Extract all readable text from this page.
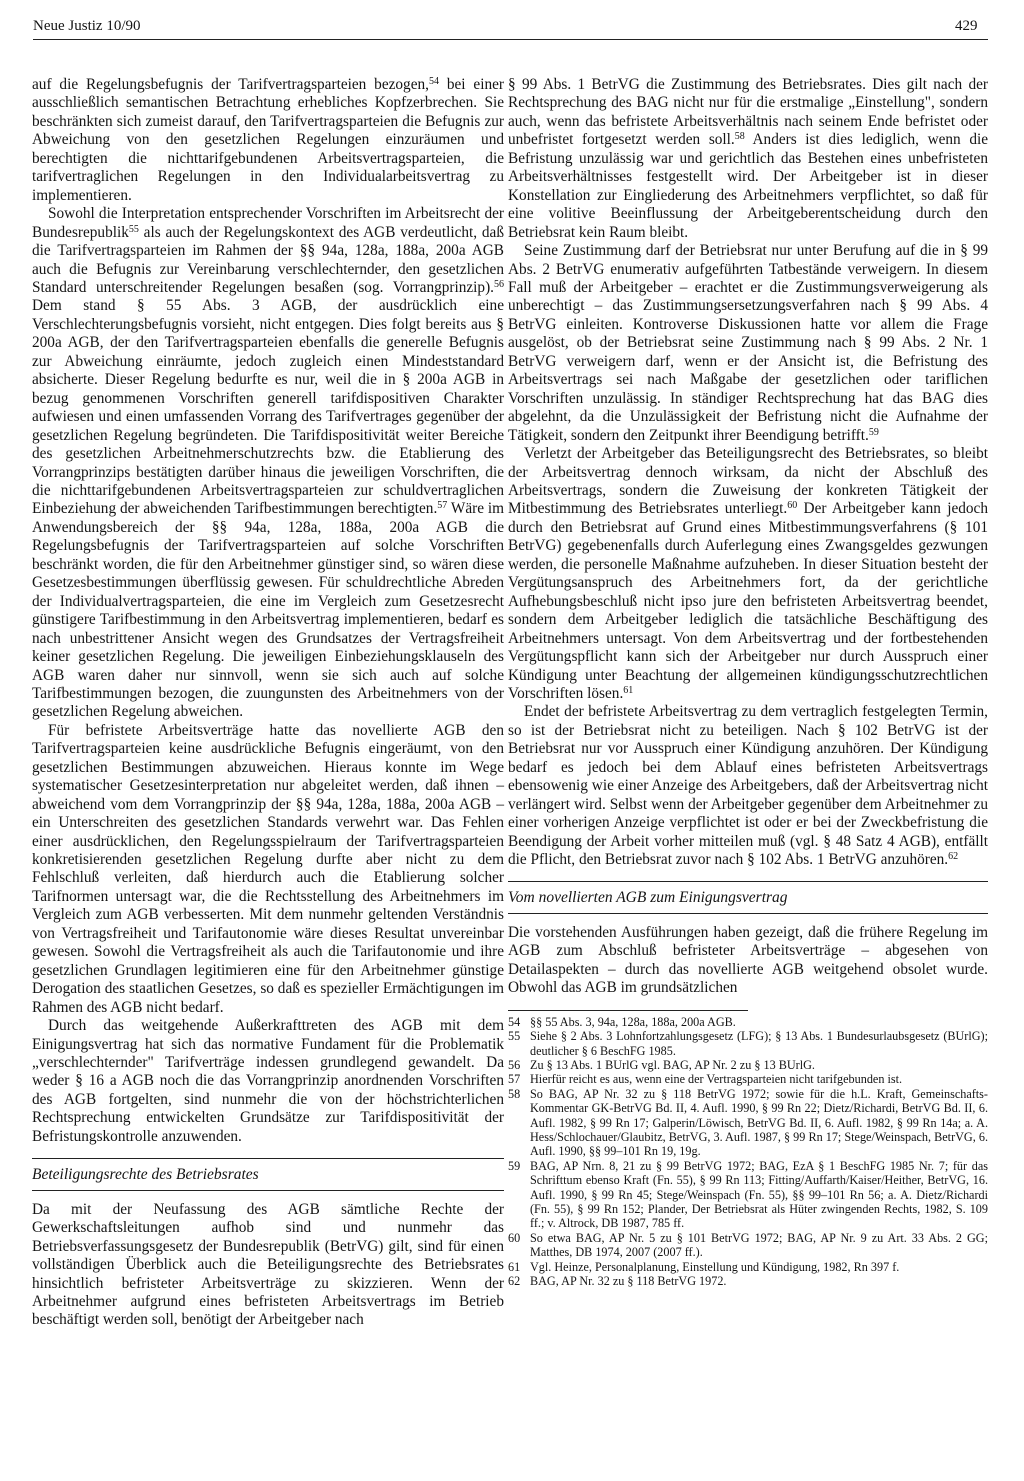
Neue Justiz 10/90	429

auf die Regelungsbefugnis der Tarifvertragsparteien bezogen,$^{54}$ bei einer ausschließlich semantischen Betrachtung erhebliches Kopfzerbrechen. Sie beschränkten sich zumeist darauf, den Tarifvertragsparteien die Befugnis zur Abweichung von den gesetzlichen Regelungen einzuräumen und berechtigten die nichttarifgebundenen Arbeitsvertragsparteien, die tarifvertraglichen Regelungen in den Individualarbeitsvertrag zu implementieren.

Sowohl die Interpretation entsprechender Vorschriften im Arbeitsrecht der Bundesrepublik$^{55}$ als auch der Regelungskontext des AGB verdeutlicht, daß die Tarifvertragsparteien im Rahmen der §§ 94a, 128a, 188a, 200a AGB auch die Befugnis zur Vereinbarung verschlechternder, den gesetzlichen Standard unterschreitender Regelungen besaßen (sog. Vorrangprinzip).$^{56}$ Dem stand § 55 Abs. 3 AGB, der ausdrücklich eine Verschlechterungsbefugnis vorsieht, nicht entgegen. Dies folgt bereits aus § 200a AGB, der den Tarifvertragsparteien ebenfalls die generelle Befugnis zur Abweichung einräumte, jedoch zugleich einen Mindeststandard absicherte. Dieser Regelung bedurfte es nur, weil die in § 200a AGB in bezug genommenen Vorschriften generell tarifdispositiven Charakter aufwiesen und einen umfassenden Vorrang des Tarifvertrages gegenüber der gesetzlichen Regelung begründeten. Die Tarifdispositivität weiter Bereiche des gesetzlichen Arbeitnehmerschutzrechts bzw. die Etablierung des Vorrangprinzips bestätigten darüber hinaus die jeweiligen Vorschriften, die die nichttarifgebundenen Arbeitsvertragsparteien zur schuldvertraglichen Einbeziehung der abweichenden Tarifbestimmungen berechtigten.$^{57}$ Wäre im Anwendungsbereich der §§ 94a, 128a, 188a, 200a AGB die Regelungsbefugnis der Tarifvertragsparteien auf solche Vorschriften beschränkt worden, die für den Arbeitnehmer günstiger sind, so wären diese Gesetzesbestimmungen überflüssig gewesen. Für schuldrechtliche Abreden der Individualvertragsparteien, die eine im Vergleich zum Gesetzesrecht günstigere Tarifbestimmung in den Arbeitsvertrag implementieren, bedarf es nach unbestrittener Ansicht wegen des Grundsatzes der Vertragsfreiheit keiner gesetzlichen Regelung. Die jeweiligen Einbeziehungsklauseln des AGB waren daher nur sinnvoll, wenn sie sich auch auf solche Tarifbestimmungen bezogen, die zuungunsten des Arbeitnehmers von der gesetzlichen Regelung abweichen.

Für befristete Arbeitsverträge hatte das novellierte AGB den Tarifvertragsparteien keine ausdrückliche Befugnis eingeräumt, von den gesetzlichen Bestimmungen abzuweichen. Hieraus konnte im Wege systematischer Gesetzesinterpretation nur abgeleitet werden, daß ihnen – abweichend vom dem Vorrangprinzip der §§ 94a, 128a, 188a, 200a AGB – ein Unterschreiten des gesetzlichen Standards verwehrt war. Das Fehlen einer ausdrücklichen, den Regelungsspielraum der Tarifvertragsparteien konkretisierenden gesetzlichen Regelung durfte aber nicht zu dem Fehlschluß verleiten, daß hierdurch auch die Etablierung solcher Tarifnormen untersagt war, die die Rechtsstellung des Arbeitnehmers im Vergleich zum AGB verbesserten. Mit dem nunmehr geltenden Verständnis von Vertragsfreiheit und Tarifautonomie wäre dieses Resultat unvereinbar gewesen. Sowohl die Vertragsfreiheit als auch die Tarifautonomie und ihre gesetzlichen Grundlagen legitimieren eine für den Arbeitnehmer günstige Derogation des staatlichen Gesetzes, so daß es spezieller Ermächtigungen im Rahmen des AGB nicht bedarf.

Durch das weitgehende Außerkrafttreten des AGB mit dem Einigungsvertrag hat sich das normative Fundament für die Problematik „verschlechternder" Tarifverträge indessen grundlegend gewandelt. Da weder § 16 a AGB noch die das Vorrangprinzip anordnenden Vorschriften des AGB fortgelten, sind nunmehr die von der höchstrichterlichen Rechtsprechung entwickelten Grundsätze zur Tarifdispositivität der Befristungskontrolle anzuwenden.

Beteiligungsrechte des Betriebsrates

Da mit der Neufassung des AGB sämtliche Rechte der Gewerkschaftsleitungen aufhob sind und nunmehr das Betriebsverfassungsgesetz der Bundesrepublik (BetrVG) gilt, sind für einen vollständigen Überblick auch die Beteiligungsrechte des Betriebsrates hinsichtlich befristeter Arbeitsverträge zu skizzieren. Wenn der Arbeitnehmer aufgrund eines befristeten Arbeitsvertrags im Betrieb beschäftigt werden soll, benötigt der Arbeitgeber nach

§ 99 Abs. 1 BetrVG die Zustimmung des Betriebsrates. Dies gilt nach der Rechtsprechung des BAG nicht nur für die erstmalige „Einstellung", sondern auch, wenn das befristete Arbeitsverhältnis nach seinem Ende befristet oder unbefristet fortgesetzt werden soll.$^{58}$ Anders ist dies lediglich, wenn die Befristung unzulässig war und gerichtlich das Bestehen eines unbefristeten Arbeitsverhältnisses festgestellt wird. Der Arbeitgeber ist in dieser Konstellation zur Eingliederung des Arbeitnehmers verpflichtet, so daß für eine volitive Beeinflussung der Arbeitgeberentscheidung durch den Betriebsrat kein Raum bleibt.

Seine Zustimmung darf der Betriebsrat nur unter Berufung auf die in § 99 Abs. 2 BetrVG enumerativ aufgeführten Tatbestände verweigern. In diesem Fall muß der Arbeitgeber – erachtet er die Zustimmungsverweigerung als unberechtigt – das Zustimmungsersetzungsverfahren nach § 99 Abs. 4 BetrVG einleiten. Kontroverse Diskussionen hatte vor allem die Frage ausgelöst, ob der Betriebsrat seine Zustimmung nach § 99 Abs. 2 Nr. 1 BetrVG verweigern darf, wenn er der Ansicht ist, die Befristung des Arbeitsvertrags sei nach Maßgabe der gesetzlichen oder tariflichen Vorschriften unzulässig. In ständiger Rechtsprechung hat das BAG dies abgelehnt, da die Unzulässigkeit der Befristung nicht die Aufnahme der Tätigkeit, sondern den Zeitpunkt ihrer Beendigung betrifft.$^{59}$

Verletzt der Arbeitgeber das Beteiligungsrecht des Betriebsrates, so bleibt der Arbeitsvertrag dennoch wirksam, da nicht der Abschluß des Arbeitsvertrags, sondern die Zuweisung der konkreten Tätigkeit der Mitbestimmung des Betriebsrates unterliegt.$^{60}$ Der Arbeitgeber kann jedoch durch den Betriebsrat auf Grund eines Mitbestimmungsverfahrens (§ 101 BetrVG) gegebenenfalls durch Auferlegung eines Zwangsgeldes gezwungen werden, die personelle Maßnahme aufzuheben. In dieser Situation besteht der Vergütungsanspruch des Arbeitnehmers fort, da der gerichtliche Aufhebungsbeschluß nicht ipso jure den befristeten Arbeitsvertrag beendet, sondern dem Arbeitgeber lediglich die tatsächliche Beschäftigung des Arbeitnehmers untersagt. Von dem Arbeitsvertrag und der fortbestehenden Vergütungspflicht kann sich der Arbeitgeber nur durch Ausspruch einer Kündigung unter Beachtung der allgemeinen kündigungsschutzrechtlichen Vorschriften lösen.$^{61}$

Endet der befristete Arbeitsvertrag zu dem vertraglich festgelegten Termin, so ist der Betriebsrat nicht zu beteiligen. Nach § 102 BetrVG ist der Betriebsrat nur vor Ausspruch einer Kündigung anzuhören. Der Kündigung bedarf es jedoch bei dem Ablauf eines befristeten Arbeitsvertrags ebensowenig wie einer Anzeige des Arbeitgebers, daß der Arbeitsvertrag nicht verlängert wird. Selbst wenn der Arbeitgeber gegenüber dem Arbeitnehmer zu einer vorherigen Anzeige verpflichtet ist oder er bei der Zweckbefristung die Beendigung der Arbeit vorher mitteilen muß (vgl. § 48 Satz 4 AGB), entfällt die Pflicht, den Betriebsrat zuvor nach § 102 Abs. 1 BetrVG anzuhören.$^{62}$

Vom novellierten AGB zum Einigungsvertrag

Die vorstehenden Ausführungen haben gezeigt, daß die frühere Regelung im AGB zum Abschluß befristeter Arbeitsverträge – abgesehen von Detailaspekten – durch das novellierte AGB weitgehend obsolet wurde. Obwohl das AGB im grundsätzlichen

54 §§ 55 Abs. 3, 94a, 128a, 188a, 200a AGB.
55 Siehe § 2 Abs. 3 Lohnfortzahlungsgesetz (LFG); § 13 Abs. 1 Bundesurlaubsgesetz (BUrlG); deutlicher § 6 BeschFG 1985.
56 Zu § 13 Abs. 1 BUrlG vgl. BAG, AP Nr. 2 zu § 13 BUrlG.
57 Hierfür reicht es aus, wenn eine der Vertragsparteien nicht tarifgebunden ist.
58 So BAG, AP Nr. 32 zu § 118 BetrVG 1972; sowie für die h.L. Kraft, Gemeinschafts-Kommentar GK-BetrVG Bd. II, 4. Aufl. 1990, § 99 Rn 22; Dietz/Richardi, BetrVG Bd. II, 6. Aufl. 1982, § 99 Rn 17; Galperin/Löwisch, BetrVG Bd. II, 6. Aufl. 1982, § 99 Rn 14a; a. A. Hess/Schlochauer/Glaubitz, BetrVG, 3. Aufl. 1987, § 99 Rn 17; Stege/Weinspach, BetrVG, 6. Aufl. 1990, §§ 99–101 Rn 19, 19g.
59 BAG, AP Nrn. 8, 21 zu § 99 BetrVG 1972; BAG, EzA § 1 BeschFG 1985 Nr. 7; für das Schrifttum ebenso Kraft (Fn. 55), § 99 Rn 113; Fitting/Auffarth/Kaiser/Heither, BetrVG, 16. Aufl. 1990, § 99 Rn 45; Stege/Weinspach (Fn. 55), §§ 99–101 Rn 56; a. A. Dietz/Richardi (Fn. 55), § 99 Rn 152; Plander, Der Betriebsrat als Hüter zwingenden Rechts, 1982, S. 109 ff.; v. Altrock, DB 1987, 785 ff.
60 So etwa BAG, AP Nr. 5 zu § 101 BetrVG 1972; BAG, AP Nr. 9 zu Art. 33 Abs. 2 GG; Matthes, DB 1974, 2007 (2007 ff.).
61 Vgl. Heinze, Personalplanung, Einstellung und Kündigung, 1982, Rn 397 f.
62 BAG, AP Nr. 32 zu § 118 BetrVG 1972.
